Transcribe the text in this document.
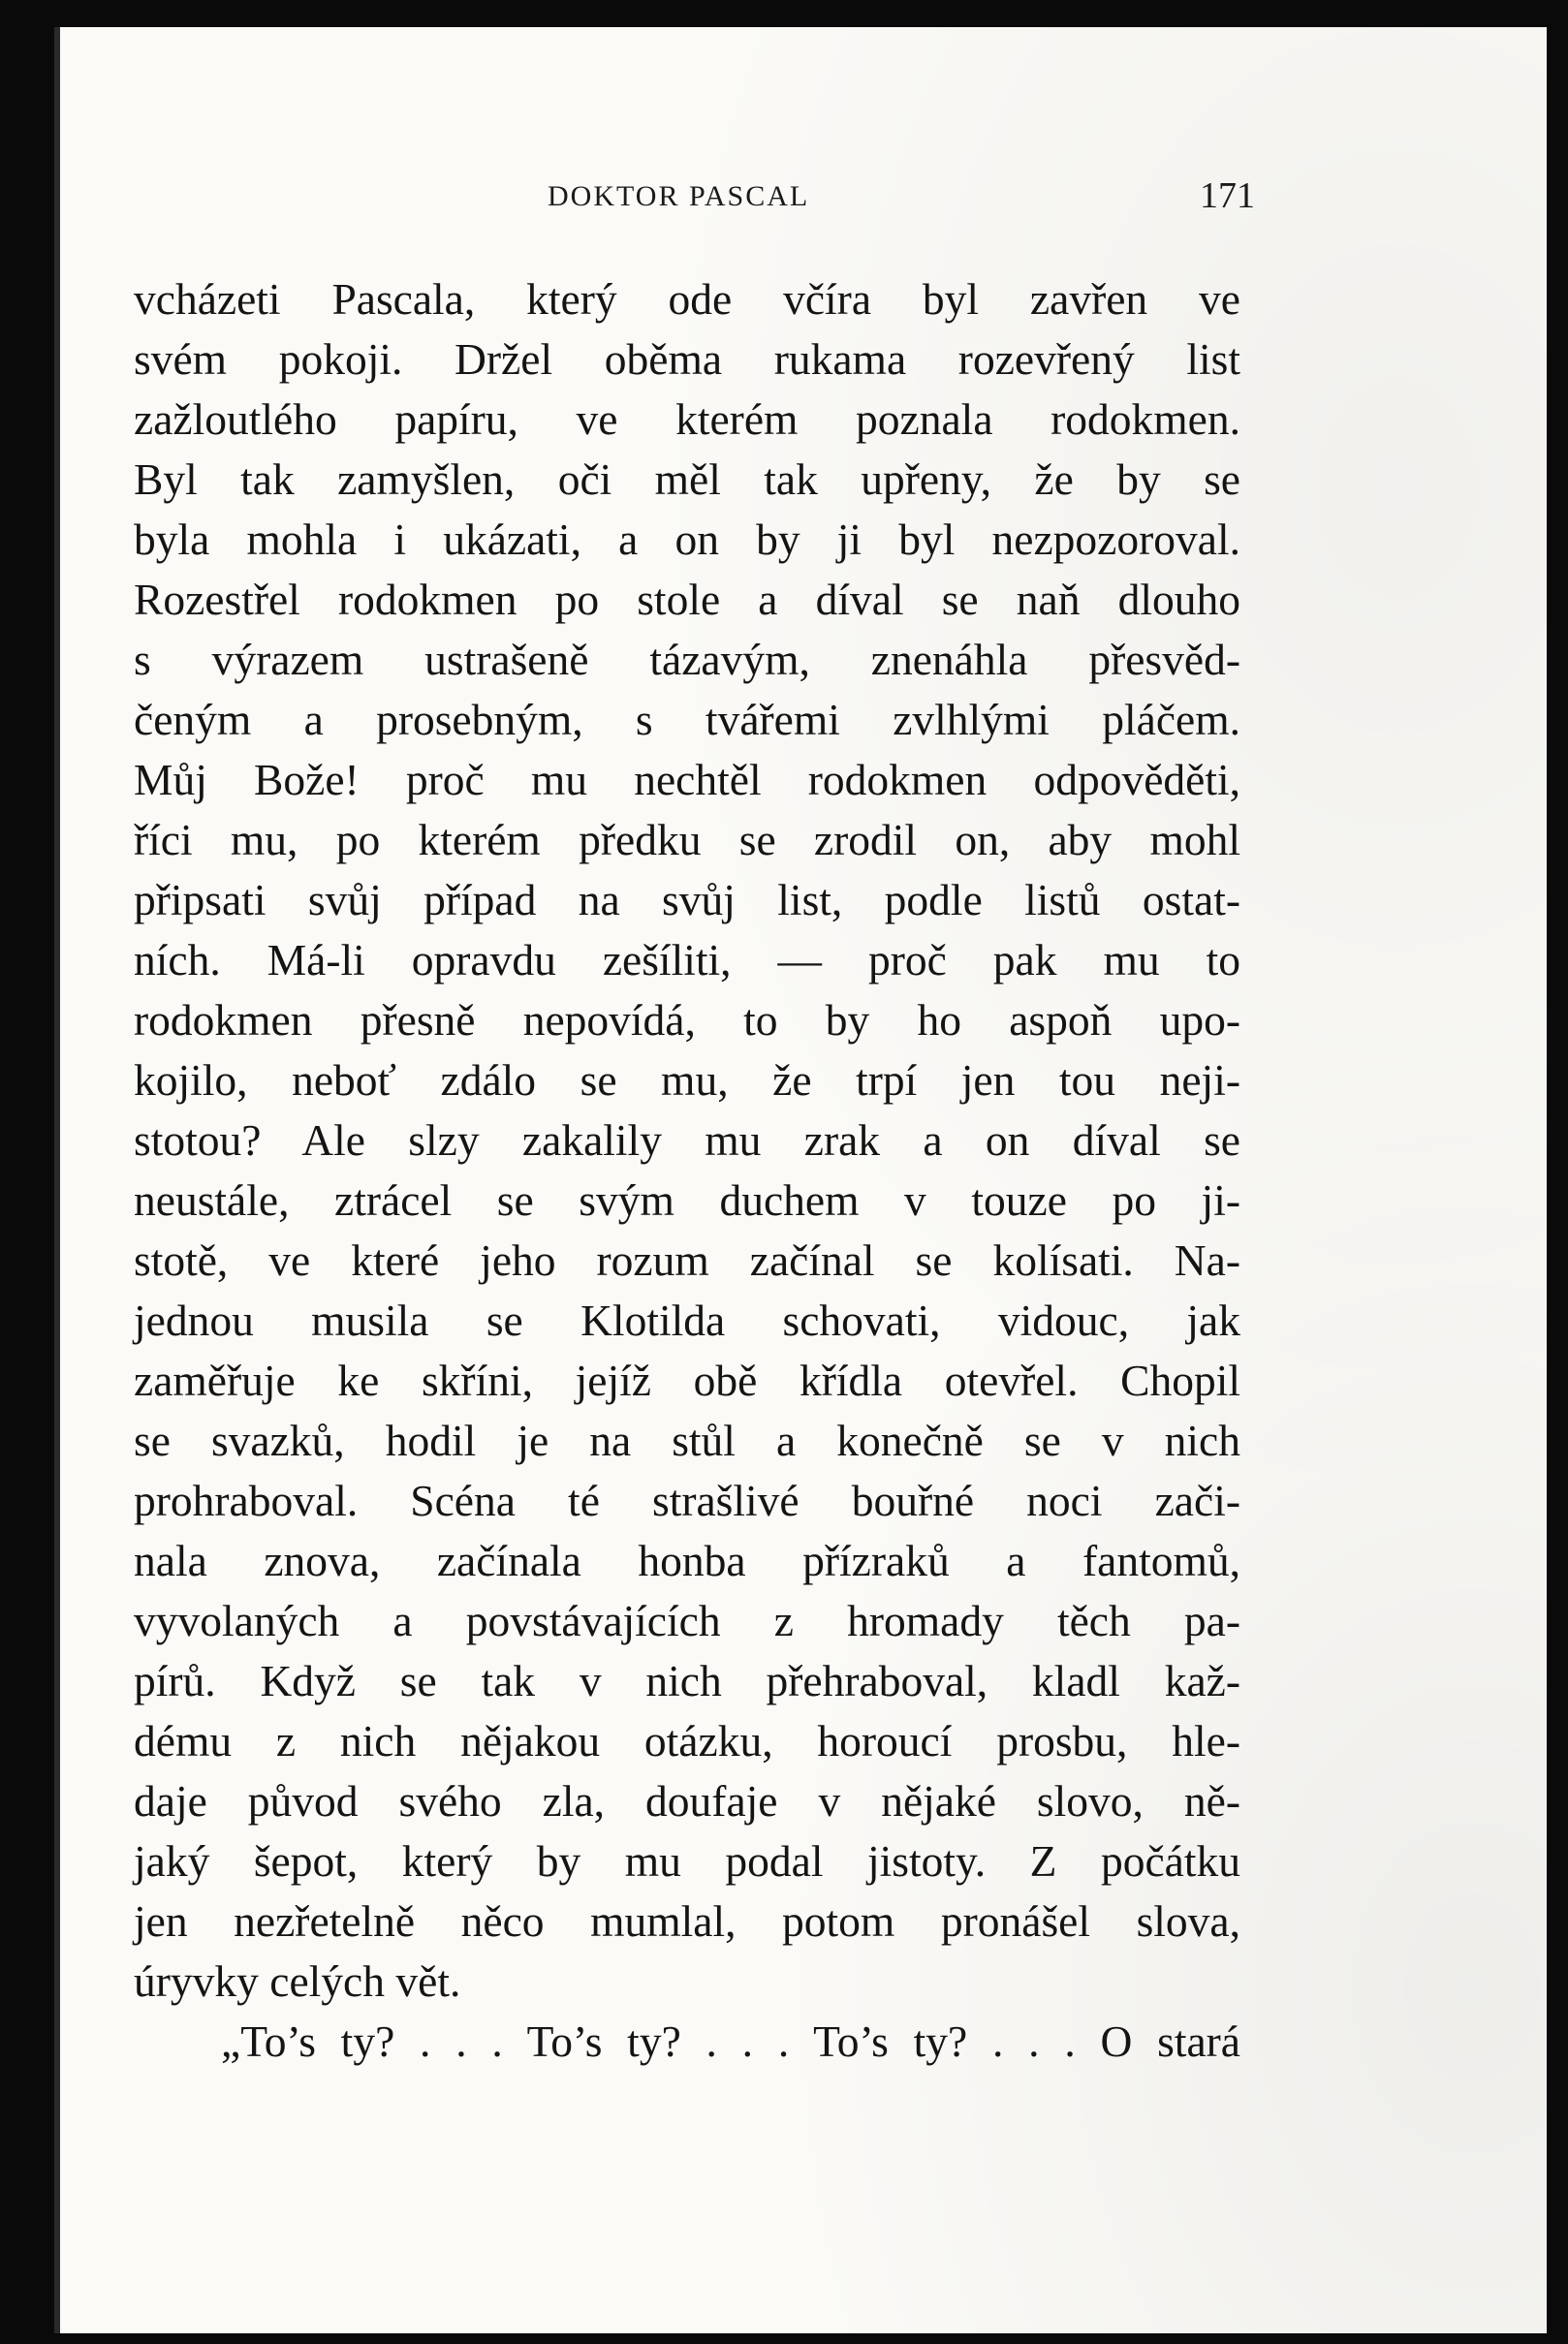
DOKTOR PASCAL	171
vcházeti Pascala, který ode včíra byl zavřen ve
svém pokoji. Držel oběma rukama rozevřený list
zažloutlého papíru, ve kterém poznala rodokmen.
Byl tak zamyšlen, oči měl tak upřeny, že by se
byla mohla i ukázati, a on by ji byl nezpozoroval.
Rozestřel rodokmen po stole a díval se naň dlouho
s výrazem ustrašeně tázavým, znenáhla přesvěd-
čeným a prosebným, s tvářemi zvlhlými pláčem.
Můj Bože! proč mu nechtěl rodokmen odpověděti,
říci mu, po kterém předku se zrodil on, aby mohl
připsati svůj případ na svůj list, podle listů ostat-
ních. Má-li opravdu zešíliti, — proč pak mu to
rodokmen přesně nepovídá, to by ho aspoň upo-
kojilo, neboť zdálo se mu, že trpí jen tou neji-
stotou? Ale slzy zakalily mu zrak a on díval se
neustále, ztrácel se svým duchem v touze po ji-
stotě, ve které jeho rozum začínal se kolísati. Na-
jednou musila se Klotilda schovati, vidouc, jak
zaměřuje ke skříni, jejíž obě křídla otevřel. Chopil
se svazků, hodil je na stůl a konečně se v nich
prohraboval. Scéna té strašlivé bouřné noci zači-
nala znova, začínala honba přízraků a fantomů,
vyvolaných a povstávajících z hromady těch pa-
pírů. Když se tak v nich přehraboval, kladl kaž-
dému z nich nějakou otázku, horoucí prosbu, hle-
daje původ svého zla, doufaje v nějaké slovo, ně-
jaký šepot, který by mu podal jistoty. Z počátku
jen nezřetelně něco mumlal, potom pronášel slova,
úryvky celých vět.
„To’s ty? . . . To’s ty? . . . To’s ty? . . . O stará
